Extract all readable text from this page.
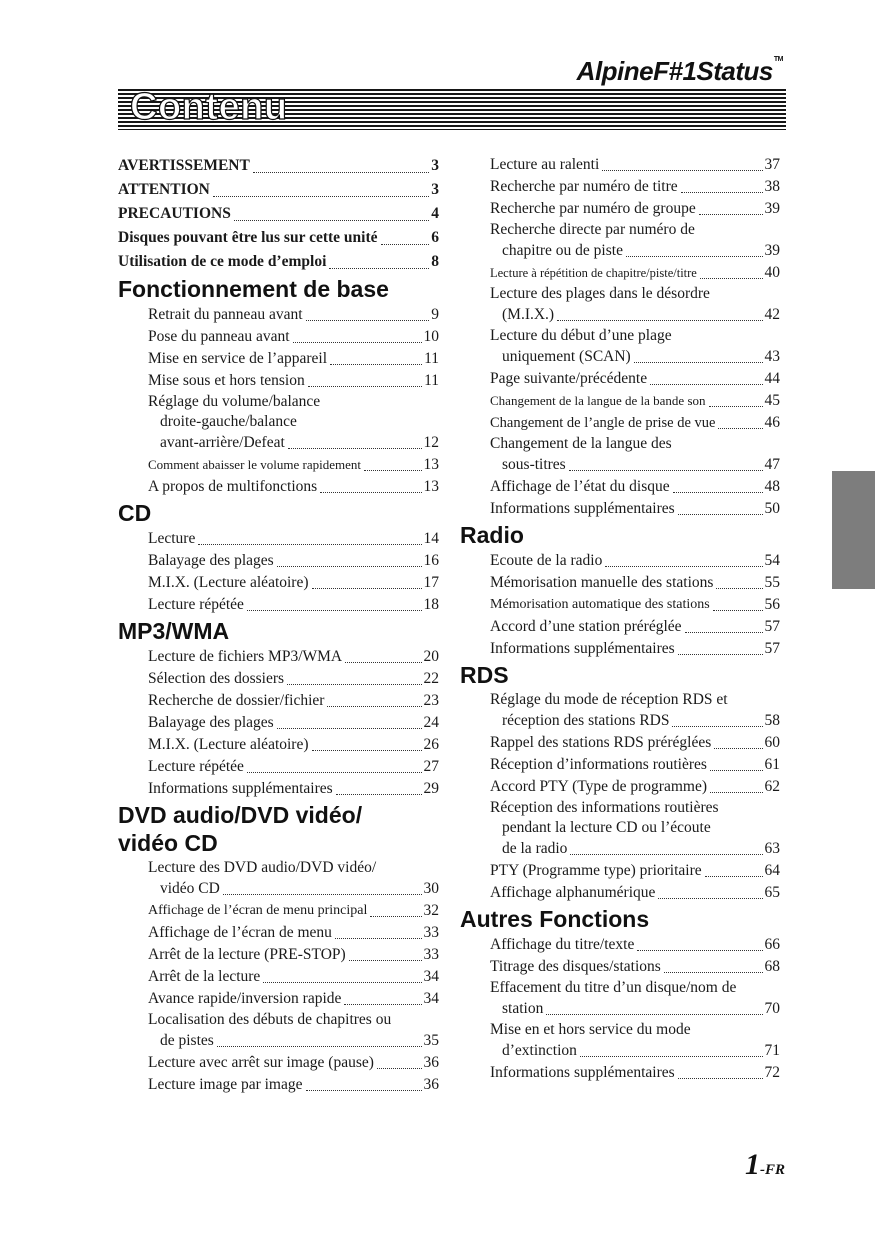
AlpineF#1Status™
Contenu
AVERTISSEMENT	3
ATTENTION	3
PRECAUTIONS	4
Disques pouvant être lus sur cette unité	6
Utilisation de ce mode d’emploi	8
Fonctionnement de base
Retrait du panneau avant	9
Pose du panneau avant	10
Mise en service de l’appareil	11
Mise sous et hors tension	11
Réglage du volume/balance
droite-gauche/balance
avant-arrière/Defeat	12
Comment abaisser le volume rapidement	13
A propos de multifonctions	13
CD
Lecture	14
Balayage des plages	16
M.I.X. (Lecture aléatoire)	17
Lecture répétée	18
MP3/WMA
Lecture de fichiers MP3/WMA	20
Sélection des dossiers	22
Recherche de dossier/fichier	23
Balayage des plages	24
M.I.X. (Lecture aléatoire)	26
Lecture répétée	27
Informations supplémentaires	29
DVD audio/DVD vidéo/
vidéo CD
Lecture des DVD audio/DVD vidéo/
vidéo CD	30
Affichage de l’écran de menu principal	32
Affichage de l’écran de menu	33
Arrêt de la lecture (PRE-STOP)	33
Arrêt de la lecture	34
Avance rapide/inversion rapide	34
Localisation des débuts de chapitres ou
de pistes	35
Lecture avec arrêt sur image (pause)	36
Lecture image par image	36
Lecture au ralenti	37
Recherche par numéro de titre	38
Recherche par numéro de groupe	39
Recherche directe par numéro de
chapitre ou de piste	39
Lecture à répétition de chapitre/piste/titre	40
Lecture des plages dans le désordre
(M.I.X.)	42
Lecture du début d’une plage
uniquement (SCAN)	43
Page suivante/précédente	44
Changement de la langue de la bande son	45
Changement de l’angle de prise de vue	46
Changement de la langue des
sous-titres	47
Affichage de l’état du disque	48
Informations supplémentaires	50
Radio
Ecoute de la radio	54
Mémorisation manuelle des stations	55
Mémorisation automatique des stations	56
Accord d’une station préréglée	57
Informations supplémentaires	57
RDS
Réglage du mode de réception RDS et
réception des stations RDS	58
Rappel des stations RDS préréglées	60
Réception d’informations routières	61
Accord PTY (Type de programme)	62
Réception des informations routières
pendant la lecture CD ou l’écoute
de la radio	63
PTY (Programme type) prioritaire	64
Affichage alphanumérique	65
Autres Fonctions
Affichage du titre/texte	66
Titrage des disques/stations	68
Effacement du titre d’un disque/nom de
station	70
Mise en et hors service du mode
d’extinction	71
Informations supplémentaires	72
1-FR
